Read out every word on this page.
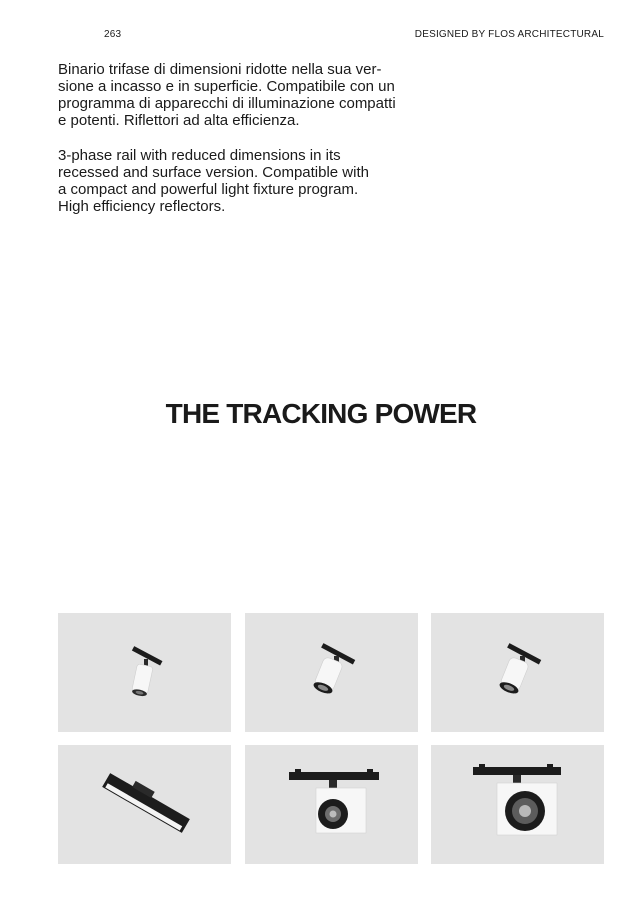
263	DESIGNED BY FLOS ARCHITECTURAL

Binario trifase di dimensioni ridotte nella sua ver-
sione a incasso e in superficie. Compatibile con un
programma di apparecchi di illuminazione compatti
e potenti. Riflettori ad alta efficienza.

3-phase rail with reduced dimensions in its
recessed and surface version. Compatible with
a compact and powerful light fixture program.
High efficiency reflectors.

THE TRACKING POWER
